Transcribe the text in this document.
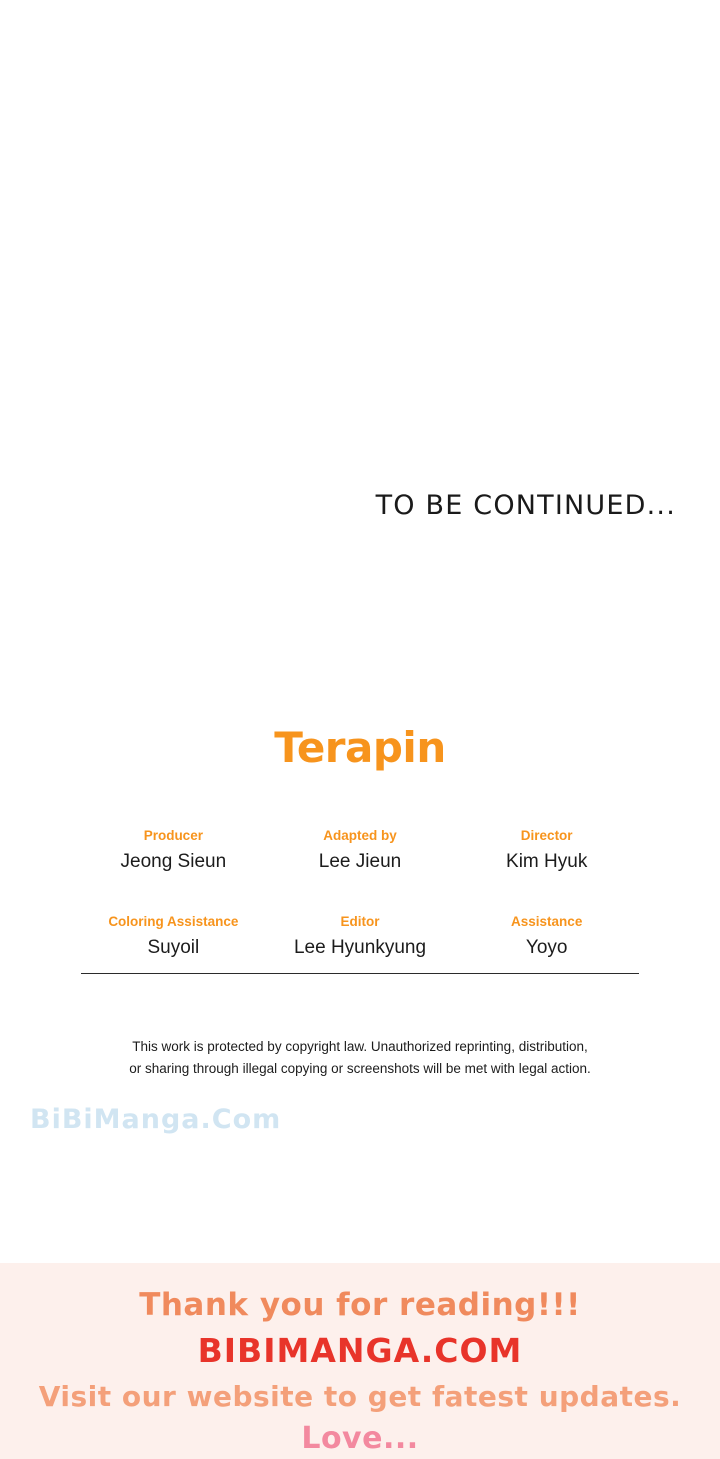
TO BE CONTINUED...
Terapin
Producer
Jeong Sieun
Adapted by
Lee Jieun
Director
Kim Hyuk
Coloring Assistance
Suyoil
Editor
Lee Hyunkyung
Assistance
Yoyo
This work is protected by copyright law. Unauthorized reprinting, distribution,
or sharing through illegal copying or screenshots will be met with legal action.
BiBiManga.Com
Thank you for reading!!!
BIBIMANGA.COM
Visit our website to get fatest updates.
Love...
